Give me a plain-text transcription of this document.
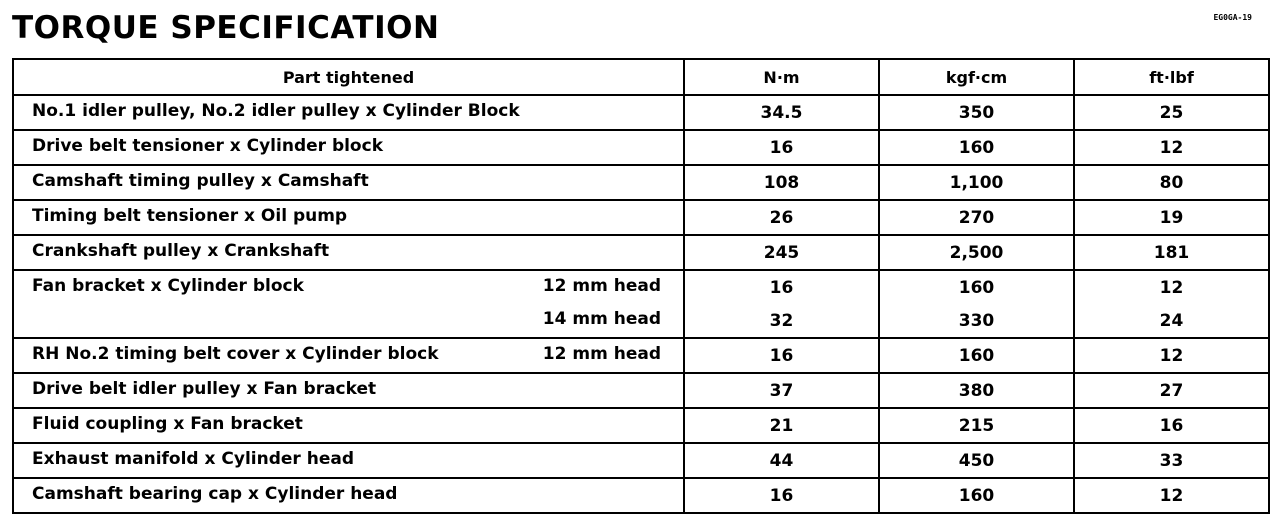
TORQUE SPECIFICATION	EG0GA-19
Part tightened	N·m	kgf·cm	ft·lbf

No.1 idler pulley, No.2 idler pulley x Cylinder Block	34.5	350	25

Drive belt tensioner x Cylinder block	16	160	12

Camshaft timing pulley x Camshaft	108	1,100	80

Timing belt tensioner x Oil pump	26	270	19

Crankshaft pulley x Crankshaft	245	2,500	181

Fan bracket x Cylinder block 12 mm head	16	160	12

14 mm head	32	330	24

RH No.2 timing belt cover x Cylinder block 12 mm head	16	160	12

Drive belt idler pulley x Fan bracket	37	380	27

Fluid coupling x Fan bracket	21	215	16

Exhaust manifold x Cylinder head	44	450	33

Camshaft bearing cap x Cylinder head	16	160	12
